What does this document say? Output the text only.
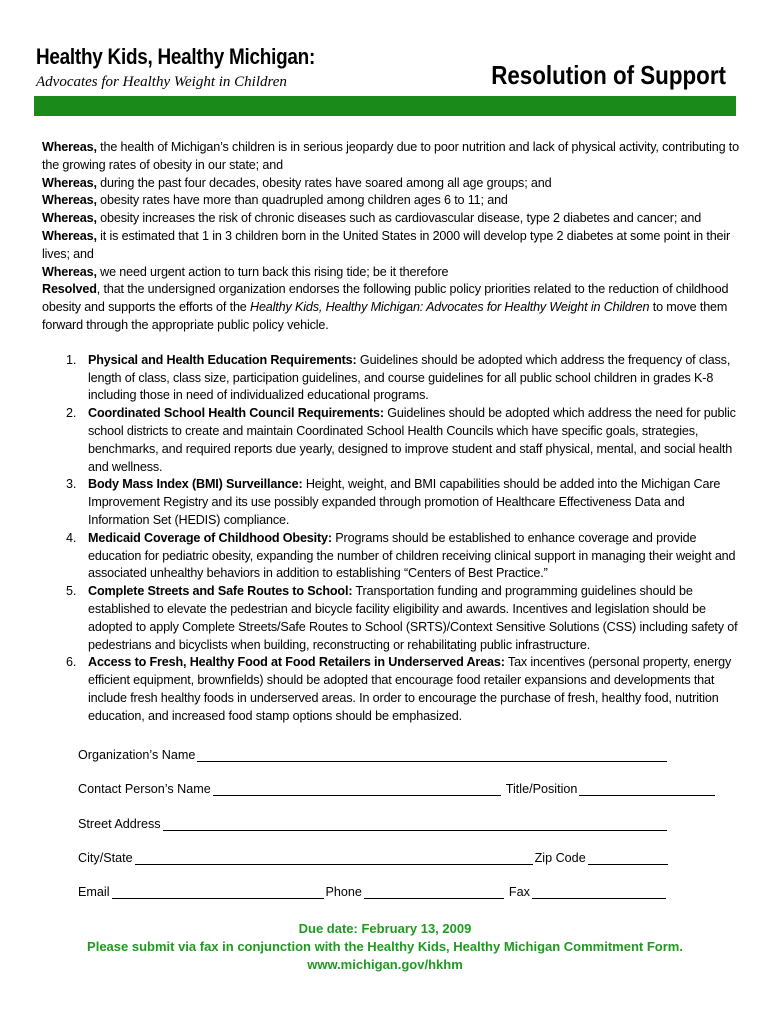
Healthy Kids, Healthy Michigan:
Advocates for Healthy Weight in Children	Resolution of Support

Whereas, the health of Michigan’s children is in serious jeopardy due to poor nutrition and lack of physical activity, contributing to the growing rates of obesity in our state; and

Whereas, during the past four decades, obesity rates have soared among all age groups; and

Whereas, obesity rates have more than quadrupled among children ages 6 to 11; and

Whereas, obesity increases the risk of chronic diseases such as cardiovascular disease, type 2 diabetes and cancer; and

Whereas, it is estimated that 1 in 3 children born in the United States in 2000 will develop type 2 diabetes at some point in their lives; and

Whereas, we need urgent action to turn back this rising tide; be it therefore

Resolved, that the undersigned organization endorses the following public policy priorities related to the reduction of childhood obesity and supports the efforts of the Healthy Kids, Healthy Michigan: Advocates for Healthy Weight in Children to move them forward through the appropriate public policy vehicle.

1. Physical and Health Education Requirements: Guidelines should be adopted which address the frequency of class, length of class, class size, participation guidelines, and course guidelines for all public school children in grades K-8 including those in need of individualized educational programs.
2. Coordinated School Health Council Requirements: Guidelines should be adopted which address the need for public school districts to create and maintain Coordinated School Health Councils which have specific goals, strategies, benchmarks, and required reports due yearly, designed to improve student and staff physical, mental, and social health and wellness.
3. Body Mass Index (BMI) Surveillance: Height, weight, and BMI capabilities should be added into the Michigan Care Improvement Registry and its use possibly expanded through promotion of Healthcare Effectiveness Data and Information Set (HEDIS) compliance.
4. Medicaid Coverage of Childhood Obesity: Programs should be established to enhance coverage and provide education for pediatric obesity, expanding the number of children receiving clinical support in managing their weight and associated unhealthy behaviors in addition to establishing “Centers of Best Practice.”
5. Complete Streets and Safe Routes to School: Transportation funding and programming guidelines should be established to elevate the pedestrian and bicycle facility eligibility and awards. Incentives and legislation should be adopted to apply Complete Streets/Safe Routes to School (SRTS)/Context Sensitive Solutions (CSS) including safety of pedestrians and bicyclists when building, reconstructing or rehabilitating public infrastructure.
6. Access to Fresh, Healthy Food at Food Retailers in Underserved Areas: Tax incentives (personal property, energy efficient equipment, brownfields) should be adopted that encourage food retailer expansions and developments that include fresh healthy foods in underserved areas. In order to encourage the purchase of fresh, healthy food, nutrition education, and increased food stamp options should be emphasized.
Organization’s Name
Contact Person’s Name	Title/Position
Street Address
City/State	Zip Code
Email	Phone	Fax
Due date: February 13, 2009
Please submit via fax in conjunction with the Healthy Kids, Healthy Michigan Commitment Form.
www.michigan.gov/hkhm
